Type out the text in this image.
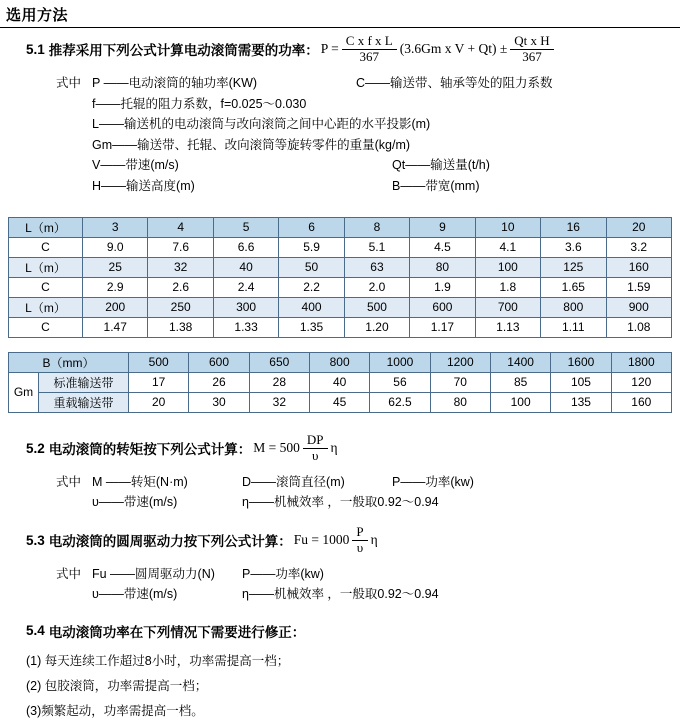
选用方法
5.1 推荐采用下列公式计算电动滚筒需要的功率： $P = \frac{\text{C x f x L}}{367} (3.6Gm$ x $V + Qt) \pm \frac{\text{Qt x H}}{367}$
式中 P ——电动滚筒的轴功率(KW)	C——输送带、轴承等处的阻力系数
f——托辊的阻力系数，f=0.025～0.030
L——输送机的电动滚筒与改向滚筒之间中心距的水平投影(m)
Gm——输送带、托辊、改向滚筒等旋转零件的重量(kg/m)
V——带速(m/s)	Qt——输送量(t/h)
H——输送高度(m)	B——带宽(mm)
L（m）	3	4	5	6	8	9	10	16	20
C	9.0	7.6	6.6	5.9	5.1	4.5	4.1	3.6	3.2
L（m）	25	32	40	50	63	80	100	125	160
C	2.9	2.6	2.4	2.2	2.0	1.9	1.8	1.65	1.59
L（m）	200	250	300	400	500	600	700	800	900
C	1.47	1.38	1.33	1.35	1.20	1.17	1.13	1.11	1.08
B（mm）		500	600	650	800	1000	1200	1400	1600	1800
Gm	标准输送带	17	26	28	40	56	70	85	105	120
	重载输送带	20	30	32	45	62.5	80	100	135	160
5.2 电动滚筒的转矩按下列公式计算： $M = 500 \frac{DP}{\upsilon}$ η
式中 M ——转矩(N·m)	D——滚筒直径(m)	P——功率(kw)
υ——带速(m/s)	η——机械效率 ，一般取0.92～0.94
5.3 电动滚筒的圆周驱动力按下列公式计算： $Fu = 1000 \frac{P}{\upsilon}$ η
式中 Fu ——圆周驱动力(N)	P——功率(kw)
υ——带速(m/s)	η——机械效率 ，一般取0.92～0.94
5.4 电动滚筒功率在下列情况下需要进行修正：
(1) 每天连续工作超过8小时，功率需提高一档；
(2) 包胶滚筒，功率需提高一档；
(3)频繁起动，功率需提高一档。
